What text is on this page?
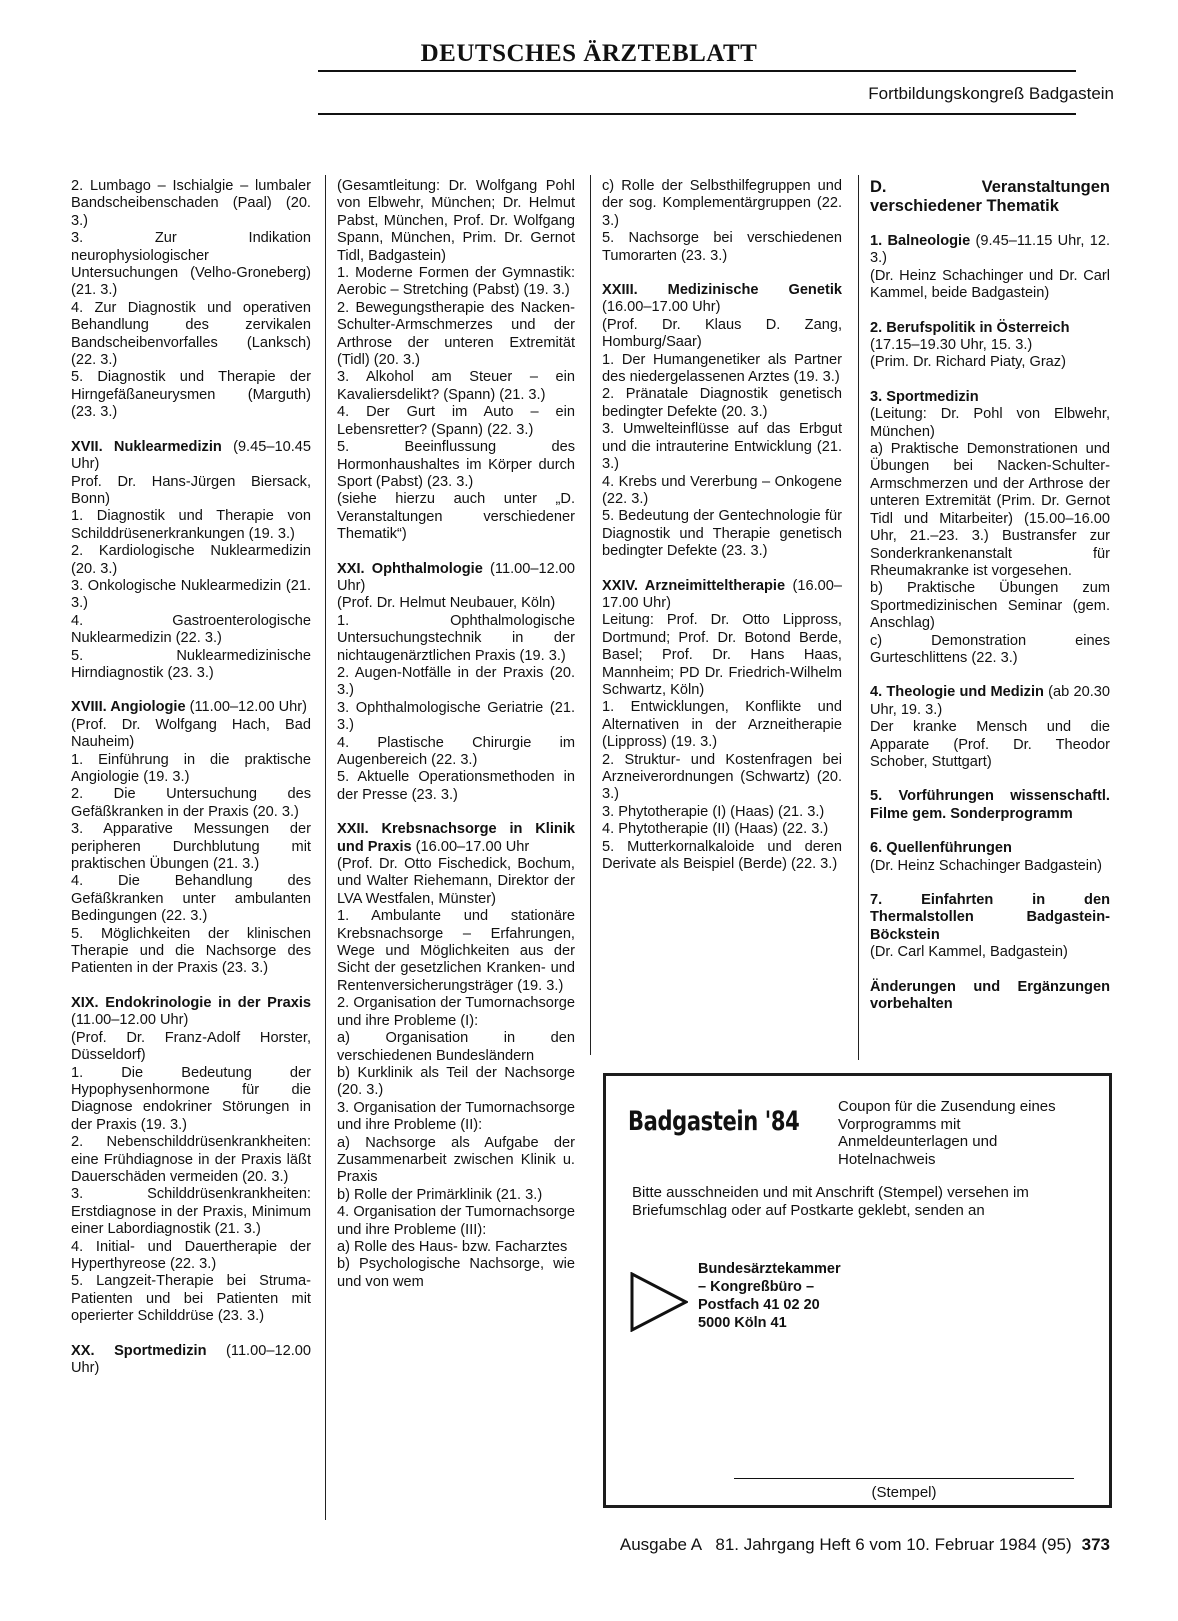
DEUTSCHES ÄRZTEBLATT
Fortbildungskongreß Badgastein

2. Lumbago – Ischialgie – lumbaler Bandscheibenschaden (Paal) (20. 3.)

3. Zur Indikation neurophysiologischer Untersuchungen (Velho-Groneberg) (21. 3.)

4. Zur Diagnostik und operativen Behandlung des zervikalen Bandscheibenvorfalles (Lanksch) (22. 3.)

5. Diagnostik und Therapie der Hirngefäßaneurysmen (Marguth) (23. 3.)

XVII. Nuklearmedizin (9.45–10.45 Uhr)

Prof. Dr. Hans-Jürgen Biersack, Bonn)

1. Diagnostik und Therapie von Schilddrüsenerkrankungen (19. 3.)

2. Kardiologische Nuklearmedizin (20. 3.)

3. Onkologische Nuklearmedizin (21. 3.)

4. Gastroenterologische Nuklearmedizin (22. 3.)

5. Nuklearmedizinische Hirndiagnostik (23. 3.)

XVIII. Angiologie (11.00–12.00 Uhr)

(Prof. Dr. Wolfgang Hach, Bad Nauheim)

1. Einführung in die praktische Angiologie (19. 3.)

2. Die Untersuchung des Gefäßkranken in der Praxis (20. 3.)

3. Apparative Messungen der peripheren Durchblutung mit praktischen Übungen (21. 3.)

4. Die Behandlung des Gefäßkranken unter ambulanten Bedingungen (22. 3.)

5. Möglichkeiten der klinischen Therapie und die Nachsorge des Patienten in der Praxis (23. 3.)

XIX. Endokrinologie in der Praxis (11.00–12.00 Uhr)

(Prof. Dr. Franz-Adolf Horster, Düsseldorf)

1. Die Bedeutung der Hypophysenhormone für die Diagnose endokriner Störungen in der Praxis (19. 3.)

2. Nebenschilddrüsenkrankheiten: eine Frühdiagnose in der Praxis läßt Dauerschäden vermeiden (20. 3.)

3. Schilddrüsenkrankheiten: Erstdiagnose in der Praxis, Minimum einer Labordiagnostik (21. 3.)

4. Initial- und Dauertherapie der Hyperthyreose (22. 3.)

5. Langzeit-Therapie bei Struma-Patienten und bei Patienten mit operierter Schilddrüse (23. 3.)

XX. Sportmedizin (11.00–12.00 Uhr)

(Gesamtleitung: Dr. Wolfgang Pohl von Elbwehr, München; Dr. Helmut Pabst, München, Prof. Dr. Wolfgang Spann, München, Prim. Dr. Gernot Tidl, Badgastein)

1. Moderne Formen der Gymnastik: Aerobic – Stretching (Pabst) (19. 3.)

2. Bewegungstherapie des Nacken-Schulter-Armschmerzes und der Arthrose der unteren Extremität (Tidl) (20. 3.)

3. Alkohol am Steuer – ein Kavaliersdelikt? (Spann) (21. 3.)

4. Der Gurt im Auto – ein Lebensretter? (Spann) (22. 3.)

5. Beeinflussung des Hormonhaushaltes im Körper durch Sport (Pabst) (23. 3.)

(siehe hierzu auch unter „D. Veranstaltungen verschiedener Thematik“)

XXI. Ophthalmologie (11.00–12.00 Uhr)

(Prof. Dr. Helmut Neubauer, Köln)

1. Ophthalmologische Untersuchungstechnik in der nichtaugenärztlichen Praxis (19. 3.)

2. Augen-Notfälle in der Praxis (20. 3.)

3. Ophthalmologische Geriatrie (21. 3.)

4. Plastische Chirurgie im Augenbereich (22. 3.)

5. Aktuelle Operationsmethoden in der Presse (23. 3.)

XXII. Krebsnachsorge in Klinik und Praxis (16.00–17.00 Uhr

(Prof. Dr. Otto Fischedick, Bochum, und Walter Riehemann, Direktor der LVA Westfalen, Münster)

1. Ambulante und stationäre Krebsnachsorge – Erfahrungen, Wege und Möglichkeiten aus der Sicht der gesetzlichen Kranken- und Rentenversicherungsträger (19. 3.)

2. Organisation der Tumornachsorge und ihre Probleme (I):

a) Organisation in den verschiedenen Bundesländern

b) Kurklinik als Teil der Nachsorge (20. 3.)

3. Organisation der Tumornachsorge und ihre Probleme (II):

a) Nachsorge als Aufgabe der Zusammenarbeit zwischen Klinik u. Praxis

b) Rolle der Primärklinik (21. 3.)

4. Organisation der Tumornachsorge und ihre Probleme (III):

a) Rolle des Haus- bzw. Facharztes

b) Psychologische Nachsorge, wie und von wem

c) Rolle der Selbsthilfegruppen und der sog. Komplementärgruppen (22. 3.)

5. Nachsorge bei verschiedenen Tumorarten (23. 3.)

XXIII. Medizinische Genetik (16.00–17.00 Uhr)

(Prof. Dr. Klaus D. Zang, Homburg/Saar)

1. Der Humangenetiker als Partner des niedergelassenen Arztes (19. 3.)

2. Pränatale Diagnostik genetisch bedingter Defekte (20. 3.)

3. Umwelteinflüsse auf das Erbgut und die intrauterine Entwicklung (21. 3.)

4. Krebs und Vererbung – Onkogene (22. 3.)

5. Bedeutung der Gentechnologie für Diagnostik und Therapie genetisch bedingter Defekte (23. 3.)

XXIV. Arzneimitteltherapie (16.00–17.00 Uhr)

Leitung: Prof. Dr. Otto Lippross, Dortmund; Prof. Dr. Botond Berde, Basel; Prof. Dr. Hans Haas, Mannheim; PD Dr. Friedrich-Wilhelm Schwartz, Köln)

1. Entwicklungen, Konflikte und Alternativen in der Arzneitherapie (Lippross) (19. 3.)

2. Struktur- und Kostenfragen bei Arzneiverordnungen (Schwartz) (20. 3.)

3. Phytotherapie (I) (Haas) (21. 3.)

4. Phytotherapie (II) (Haas) (22. 3.)

5. Mutterkornalkaloide und deren Derivate als Beispiel (Berde) (22. 3.)

D. Veranstaltungen verschiedener Thematik

1. Balneologie (9.45–11.15 Uhr, 12. 3.)

(Dr. Heinz Schachinger und Dr. Carl Kammel, beide Badgastein)

2. Berufspolitik in Österreich

(17.15–19.30 Uhr, 15. 3.)

(Prim. Dr. Richard Piaty, Graz)

3. Sportmedizin

(Leitung: Dr. Pohl von Elbwehr, München)

a) Praktische Demonstrationen und Übungen bei Nacken-Schulter-Armschmerzen und der Arthrose der unteren Extremität (Prim. Dr. Gernot Tidl und Mitarbeiter) (15.00–16.00 Uhr, 21.–23. 3.) Bustransfer zur Sonderkrankenanstalt für Rheumakranke ist vorgesehen.

b) Praktische Übungen zum Sportmedizinischen Seminar (gem. Anschlag)

c) Demonstration eines Gurteschlittens (22. 3.)

4. Theologie und Medizin (ab 20.30 Uhr, 19. 3.)

Der kranke Mensch und die Apparate (Prof. Dr. Theodor Schober, Stuttgart)

5. Vorführungen wissenschaftl. Filme gem. Sonderprogramm

6. Quellenführungen

(Dr. Heinz Schachinger Badgastein)

7. Einfahrten in den Thermalstollen Badgastein-Böckstein

(Dr. Carl Kammel, Badgastein)

Änderungen und Ergänzungen vorbehalten

Badgastein '84	Coupon für die Zusendung eines Vorprogramms mit Anmeldeunterlagen und Hotelnachweis
Bitte ausschneiden und mit Anschrift (Stempel) versehen im Briefumschlag oder auf Postkarte geklebt, senden an
Bundesärztekammer
– Kongreßbüro –
Postfach 41 02 20
5000 Köln 41
(Stempel)
Ausgabe A   81. Jahrgang Heft 6 vom 10. Februar 1984 (95) 373
